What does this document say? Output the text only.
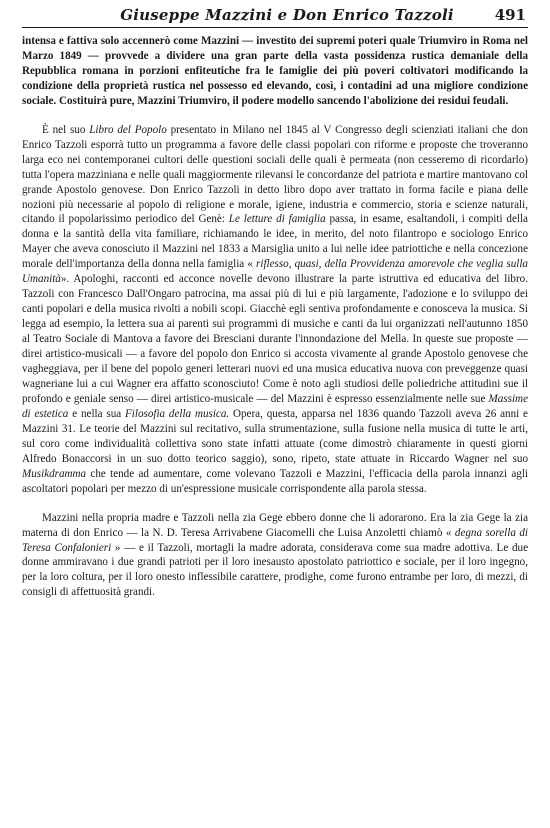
Giuseppe Mazzini e Don Enrico Tazzoli	491

intensa e fattiva solo accennerò come Mazzini — investito dei supremi poteri quale Triumviro in Roma nel Marzo 1849 — provvede a dividere una gran parte della vasta possidenza rustica demaniale della Repubblica romana in porzioni enfiteutiche fra le famiglie dei più poveri coltivatori modificando la condizione della proprietà rustica nel possesso ed elevando, così, i contadini ad una migliore condizione sociale. Costituirà pure, Mazzini Triumviro, il podere modello sancendo l'abolizione dei residui feudali.

È nel suo Libro del Popolo presentato in Milano nel 1845 al V Congresso degli scienziati italiani che don Enrico Tazzoli esporrà tutto un programma a favore delle classi popolari con riforme e proposte che troveranno larga eco nei contemporanei cultori delle questioni sociali delle quali è permeata (non cesseremo di ricordarlo) tutta l'opera mazziniana e nelle quali maggiormente rilevansi le concordanze del patriota e martire mantovano col grande Apostolo genovese. Don Enrico Tazzoli in detto libro dopo aver trattato in forma facile e piana delle nozioni più necessarie al popolo di religione e morale, igiene, industria e commercio, storia e scienze naturali, citando il popolarissimo periodico del Genè: Le letture di famiglia passa, in esame, esaltandoli, i compiti della donna e la santità della vita familiare, richiamando le idee, in merito, del noto filantropo e sociologo Enrico Mayer che aveva conosciuto il Mazzini nel 1833 a Marsiglia unito a lui nelle idee patriottiche e nella concezione morale dell'importanza della donna nella famiglia « riflesso, quasi, della Provvidenza amorevole che veglia sulla Umanità». Apologhi, racconti ed acconce novelle devono illustrare la parte istruttiva ed educativa del libro. Tazzoli con Francesco Dall'Ongaro patrocina, ma assai più di lui e più largamente, l'adozione e lo sviluppo dei canti popolari e della musica rivolti a nobili scopi. Giacchè egli sentiva profondamente e conosceva la musica. Si legga ad esempio, la lettera sua ai parenti sui programmi di musiche e canti da lui organizzati nell'autunno 1850 al Teatro Sociale di Mantova a favore dei Bresciani durante l'innondazione del Mella. In queste sue proposte — direi artistico-musicali — a favore del popolo don Enrico si accosta vivamente al grande Apostolo genovese che vagheggiava, per il bene del popolo generi letterari nuovi ed una musica educativa nuova con preveggenze quasi wagneriane lui a cui Wagner era affatto sconosciuto! Come è noto agli studiosi delle poliedriche attitudini sue il profondo e geniale senso — direi artistico-musicale — del Mazzini è espresso essenzialmente nelle sue Massime di estetica e nella sua Filosofia della musica. Opera, questa, apparsa nel 1836 quando Tazzoli aveva 26 anni e Mazzini 31. Le teorie del Mazzini sul recitativo, sulla strumentazione, sulla fusione nella musica di tutte le arti, sul coro come individualità collettiva sono state infatti attuate (come dimostrò chiaramente in questi giorni Alfredo Bonaccorsi in un suo dotto teorico saggio), sono, ripeto, state attuate in Riccardo Wagner nel suo Musikdramma che tende ad aumentare, come volevano Tazzoli e Mazzini, l'efficacia della parola innanzi agli ascoltatori popolari per mezzo di un'espressione musicale corrispondente alla parola stessa.

Mazzini nella propria madre e Tazzoli nella zia Gege ebbero donne che li adorarono. Era la zia Gege la zia materna di don Enrico — la N. D. Teresa Arrivabene Giacomelli che Luisa Anzoletti chiamò « degna sorella di Teresa Confalonieri » — e il Tazzoli, mortagli la madre adorata, considerava come sua madre adottiva. Le due donne ammiravano i due grandi patrioti per il loro inesausto apostolato patriottico e sociale, per il loro ingegno, per la loro coltura, per il loro onesto inflessibile carattere, prodighe, come furono entrambe per loro, di mezzi, di consigli di affettuosità grandi.
